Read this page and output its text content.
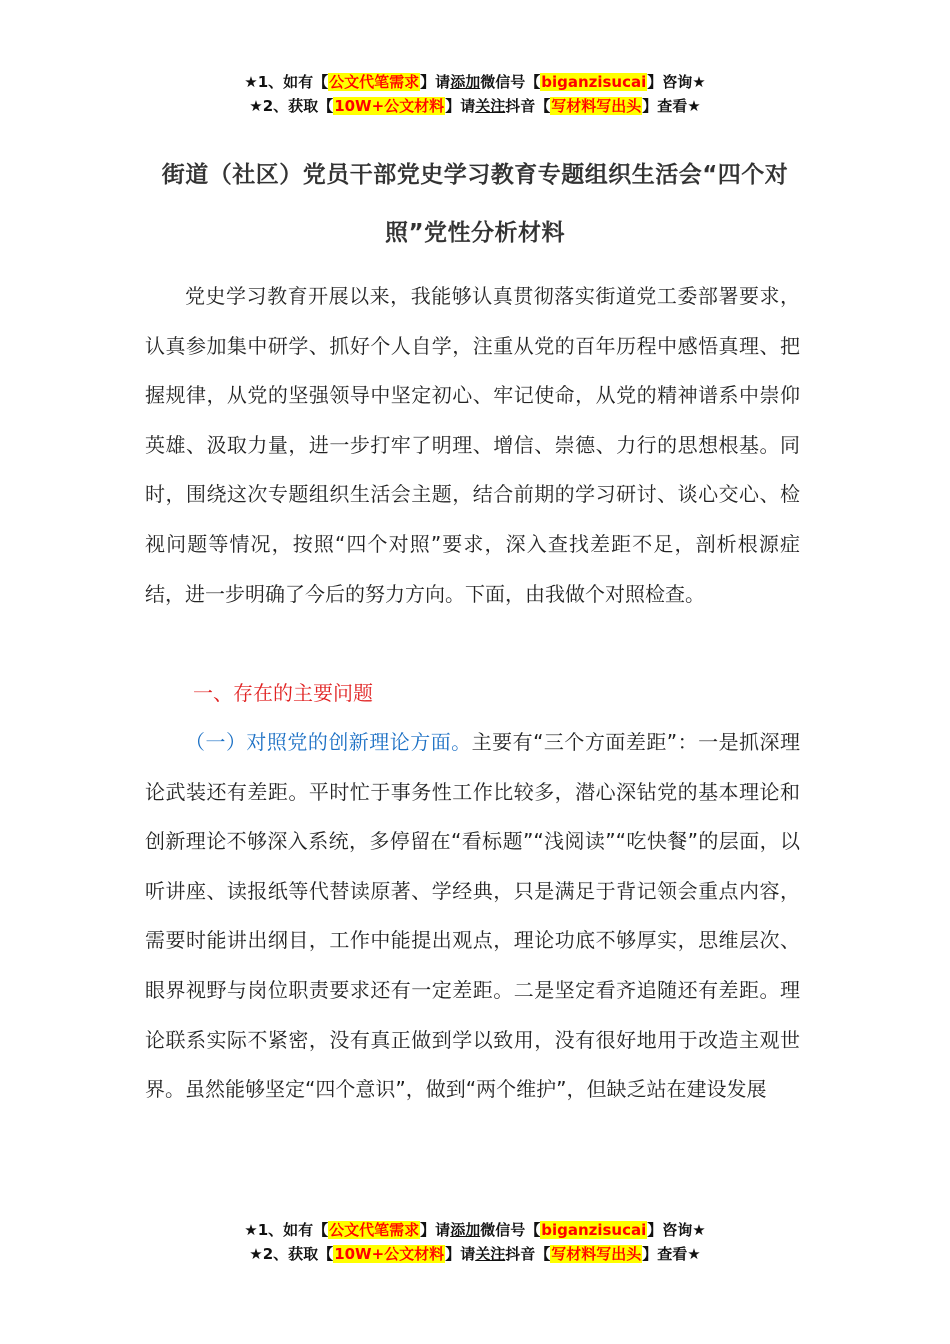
★1、如有【公文代笔需求】请添加微信号【biganzisucai】咨询★
★2、获取【10W+公文材料】请关注抖音【写材料写出头】查看★
街道（社区）党员干部党史学习教育专题组织生活会“四个对照”党性分析材料
党史学习教育开展以来，我能够认真贯彻落实街道党工委部署要求，认真参加集中研学、抓好个人自学，注重从党的百年历程中感悟真理、把握规律，从党的坚强领导中坚定初心、牢记使命，从党的精神谱系中崇仰英雄、汲取力量，进一步打牢了明理、增信、崇德、力行的思想根基。同时，围绕这次专题组织生活会主题，结合前期的学习研讨、谈心交心、检视问题等情况，按照“四个对照”要求，深入查找差距不足，剖析根源症结，进一步明确了今后的努力方向。下面，由我做个对照检查。
一、存在的主要问题
（一）对照党的创新理论方面。主要有“三个方面差距”：一是抓深理论武装还有差距。平时忙于事务性工作比较多，潜心深钻党的基本理论和创新理论不够深入系统，多停留在“看标题”“浅阅读”“吃快餐”的层面，以听讲座、读报纸等代替读原著、学经典，只是满足于背记领会重点内容，需要时能讲出纲目，工作中能提出观点，理论功底不够厚实，思维层次、眼界视野与岗位职责要求还有一定差距。二是坚定看齐追随还有差距。理论联系实际不紧密，没有真正做到学以致用，没有很好地用于改造主观世界。虽然能够坚定“四个意识”，做到“两个维护”，但缺乏站在建设发展
★1、如有【公文代笔需求】请添加微信号【biganzisucai】咨询★
★2、获取【10W+公文材料】请关注抖音【写材料写出头】查看★
